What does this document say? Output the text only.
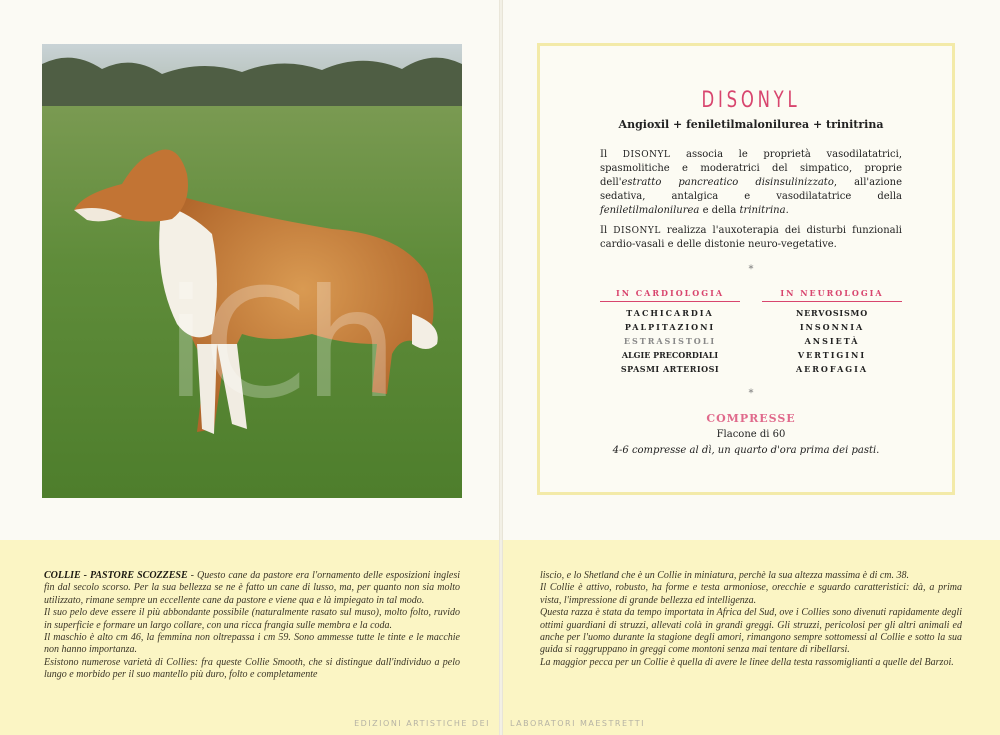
iCh
COLLIE - PASTORE SCOZZESE - Questo cane da pastore era l'ornamento delle esposizioni inglesi fin dal secolo scorso. Per la sua bellezza se ne è fatto un cane di lusso, ma, per quanto non sia molto utilizzato, rimane sempre un eccellente cane da pastore e viene qua e là impiegato in tal modo.
Il suo pelo deve essere il più abbondante possibile (naturalmente rasato sul muso), molto folto, ruvido in superficie e formare un largo collare, con una ricca frangia sulle membra e la coda.
Il maschio è alto cm 46, la femmina non oltrepassa i cm 59. Sono ammesse tutte le tinte e le macchie non hanno importanza.
Esistono numerose varietà di Collies: fra queste Collie Smooth, che si distingue dall'individuo a pelo lungo e morbido per il suo mantello più duro, folto e completamente
EDIZIONI ARTISTICHE DEI
DISONYL
Angioxil + feniletilmalonilurea + trinitrina
Il DISONYL associa le proprietà vasodilatatrici, spasmolitiche e moderatrici del simpatico, proprie dell'estratto pancreatico disinsulinizzato, all'azione sedativa, antalgica e vasodilatatrice della feniletilmalonilurea e della trinitrina.
Il DISONYL realizza l'auxoterapia dei disturbi funzionali cardio-vasali e delle distonie neuro-vegetative.
*
IN CARDIOLOGIA
TACHICARDIA
PALPITAZIONI
ESTRASISTOLI
ALGIE PRECORDIALI
SPASMI ARTERIOSI
IN NEUROLOGIA
NERVOSISMO
INSONNIA
ANSIETÀ
VERTIGINI
AEROFAGIA
*
COMPRESSE
Flacone di 60
4-6 compresse al dì, un quarto d'ora prima dei pasti.
liscio, e lo Shetland che è un Collie in miniatura, perchè la sua altezza massima è di cm. 38.
Il Collie è attivo, robusto, ha forme e testa armoniose, orecchie e sguardo caratteristici: dà, a prima vista, l'impressione di grande bellezza ed intelligenza.
Questa razza è stata da tempo importata in Africa del Sud, ove i Collies sono divenuti rapidamente degli ottimi guardiani di struzzi, allevati colà in grandi greggi. Gli struzzi, pericolosi per gli altri animali ed anche per l'uomo durante la stagione degli amori, rimangono sempre sottomessi al Collie e sotto la sua guida si raggruppano in greggi come montoni senza mai tentare di ribellarsi.
La maggior pecca per un Collie è quella di avere le linee della testa rassomiglianti a quelle del Barzoi.
LABORATORI MAESTRETTI
